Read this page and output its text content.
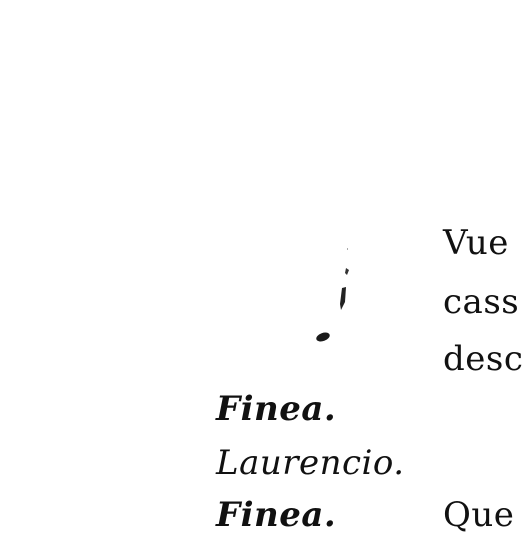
Vue
cass
desc
Finea.
Laurencio.
Finea.	Que
